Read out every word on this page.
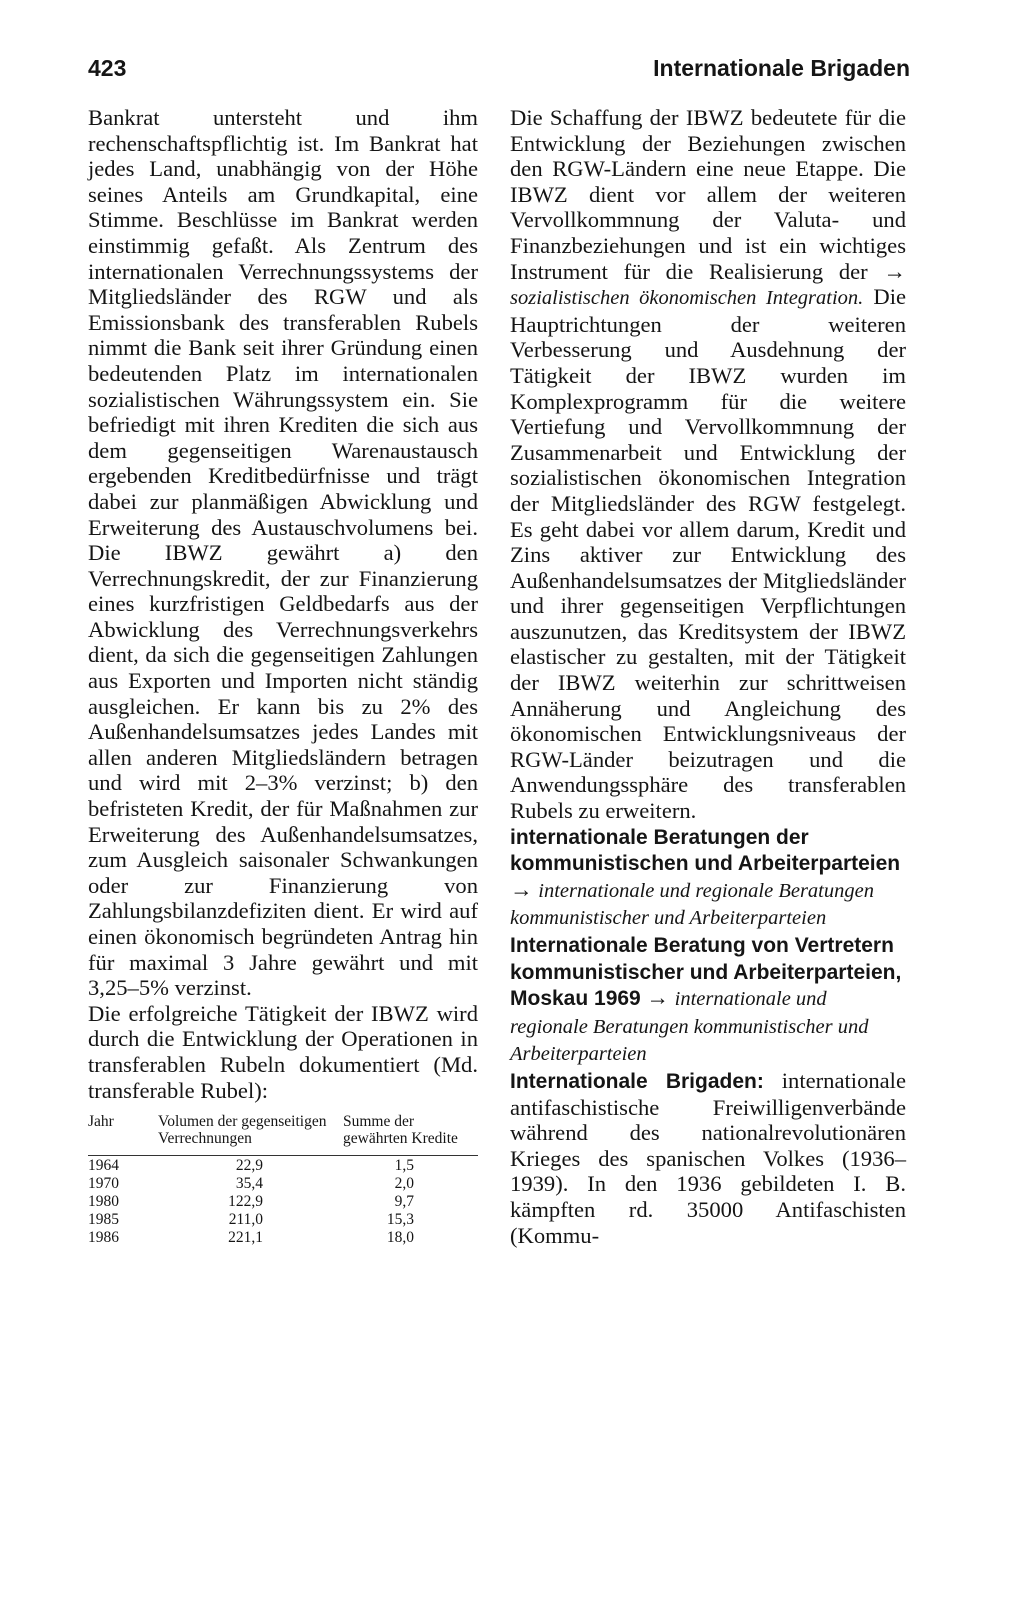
423	Internationale Brigaden

Bankrat untersteht und ihm rechenschaftspflichtig ist. Im Bankrat hat jedes Land, unabhängig von der Höhe seines Anteils am Grundkapital, eine Stimme. Beschlüsse im Bankrat werden einstimmig gefaßt. Als Zentrum des internationalen Verrechnungssystems der Mitgliedsländer des RGW und als Emissionsbank des transferablen Rubels nimmt die Bank seit ihrer Gründung einen bedeutenden Platz im internationalen sozialistischen Währungssystem ein. Sie befriedigt mit ihren Krediten die sich aus dem gegenseitigen Warenaustausch ergebenden Kreditbedürfnisse und trägt dabei zur planmäßigen Abwicklung und Erweiterung des Austauschvolumens bei. Die IBWZ gewährt a) den Verrechnungskredit, der zur Finanzierung eines kurzfristigen Geldbedarfs aus der Abwicklung des Verrechnungsverkehrs dient, da sich die gegenseitigen Zahlungen aus Exporten und Importen nicht ständig ausgleichen. Er kann bis zu 2% des Außenhandelsumsatzes jedes Landes mit allen anderen Mitgliedsländern betragen und wird mit 2–3% verzinst; b) den befristeten Kredit, der für Maßnahmen zur Erweiterung des Außenhandelsumsatzes, zum Ausgleich saisonaler Schwankungen oder zur Finanzierung von Zahlungsbilanzdefiziten dient. Er wird auf einen ökonomisch begründeten Antrag hin für maximal 3 Jahre gewährt und mit 3,25–5% verzinst.

Die erfolgreiche Tätigkeit der IBWZ wird durch die Entwicklung der Operationen in transferablen Rubeln dokumentiert (Md. transferable Rubel):

Jahr	Volumen der gegenseitigen Verrechnungen	Summe der gewährten Kredite
1964	22,9	1,5
1970	35,4	2,0
1980	122,9	9,7
1985	211,0	15,3
1986	221,1	18,0

Die Schaffung der IBWZ bedeutete für die Entwicklung der Beziehungen zwischen den RGW-Ländern eine neue Etappe. Die IBWZ dient vor allem der weiteren Vervollkommnung der Valuta- und Finanzbeziehungen und ist ein wichtiges Instrument für die Realisierung der → sozialistischen ökonomischen Integration. Die Hauptrichtungen der weiteren Verbesserung und Ausdehnung der Tätigkeit der IBWZ wurden im Komplexprogramm für die weitere Vertiefung und Vervollkommnung der Zusammenarbeit und Entwicklung der sozialistischen ökonomischen Integration der Mitgliedsländer des RGW festgelegt. Es geht dabei vor allem darum, Kredit und Zins aktiver zur Entwicklung des Außenhandelsumsatzes der Mitgliedsländer und ihrer gegenseitigen Verpflichtungen auszunutzen, das Kreditsystem der IBWZ elastischer zu gestalten, mit der Tätigkeit der IBWZ weiterhin zur schrittweisen Annäherung und Angleichung des ökonomischen Entwicklungsniveaus der RGW-Länder beizutragen und die Anwendungssphäre des transferablen Rubels zu erweitern.

internationale Beratungen der kommunistischen und Arbeiterparteien → internationale und regionale Beratungen kommunistischer und Arbeiterparteien

Internationale Beratung von Vertretern kommunistischer und Arbeiterparteien, Moskau 1969 → internationale und regionale Beratungen kommunistischer und Arbeiterparteien

Internationale Brigaden: internationale antifaschistische Freiwilligenverbände während des nationalrevolutionären Krieges des spanischen Volkes (1936–1939). In den 1936 gebildeten I. B. kämpften rd. 35000 Antifaschisten (Kommu-
